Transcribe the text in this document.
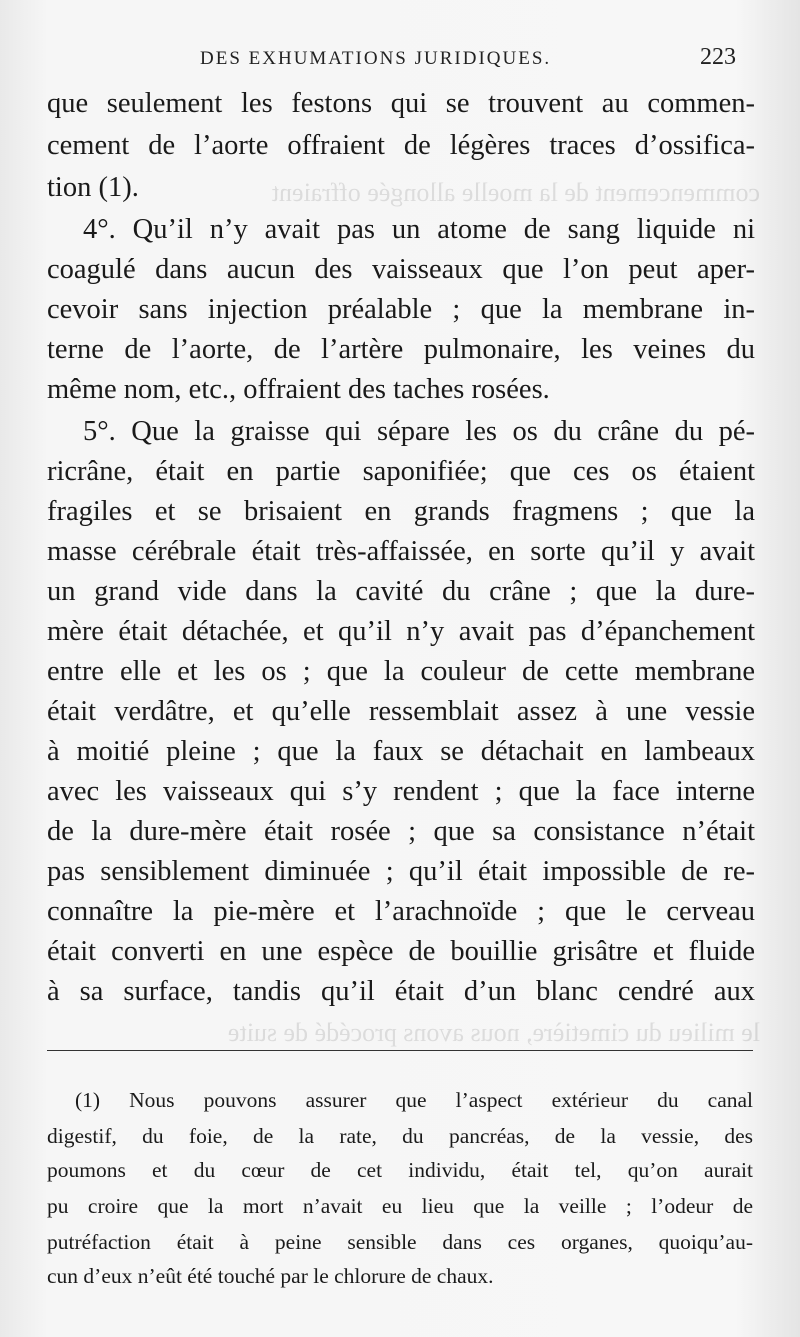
DES EXHUMATIONS JURIDIQUES.	223
commencement de la moelle allongée offraient
le milieu du cimetière, nous avons procédé de suite
que seulement les festons qui se trouvent au commen-
cement de l’aorte offraient de légères traces d’ossifica-
tion (1).
4°. Qu’il n’y avait pas un atome de sang liquide ni
coagulé dans aucun des vaisseaux que l’on peut aper-
cevoir sans injection préalable ; que la membrane in-
terne de l’aorte, de l’artère pulmonaire, les veines du
même nom, etc., offraient des taches rosées.
5°. Que la graisse qui sépare les os du crâne du pé-
ricrâne, était en partie saponifiée; que ces os étaient
fragiles et se brisaient en grands fragmens ; que la
masse cérébrale était très-affaissée, en sorte qu’il y avait
un grand vide dans la cavité du crâne ; que la dure-
mère était détachée, et qu’il n’y avait pas d’épanchement
entre elle et les os ; que la couleur de cette membrane
était verdâtre, et qu’elle ressemblait assez à une vessie
à moitié pleine ; que la faux se détachait en lambeaux
avec les vaisseaux qui s’y rendent ; que la face interne
de la dure-mère était rosée ; que sa consistance n’était
pas sensiblement diminuée ; qu’il était impossible de re-
connaître la pie-mère et l’arachnoïde ; que le cerveau
était converti en une espèce de bouillie grisâtre et fluide
à sa surface, tandis qu’il était d’un blanc cendré aux
(1) Nous pouvons assurer que l’aspect extérieur du canal
digestif, du foie, de la rate, du pancréas, de la vessie, des
poumons et du cœur de cet individu, était tel, qu’on aurait
pu croire que la mort n’avait eu lieu que la veille ; l’odeur de
putréfaction était à peine sensible dans ces organes, quoiqu’au-
cun d’eux n’eût été touché par le chlorure de chaux.
